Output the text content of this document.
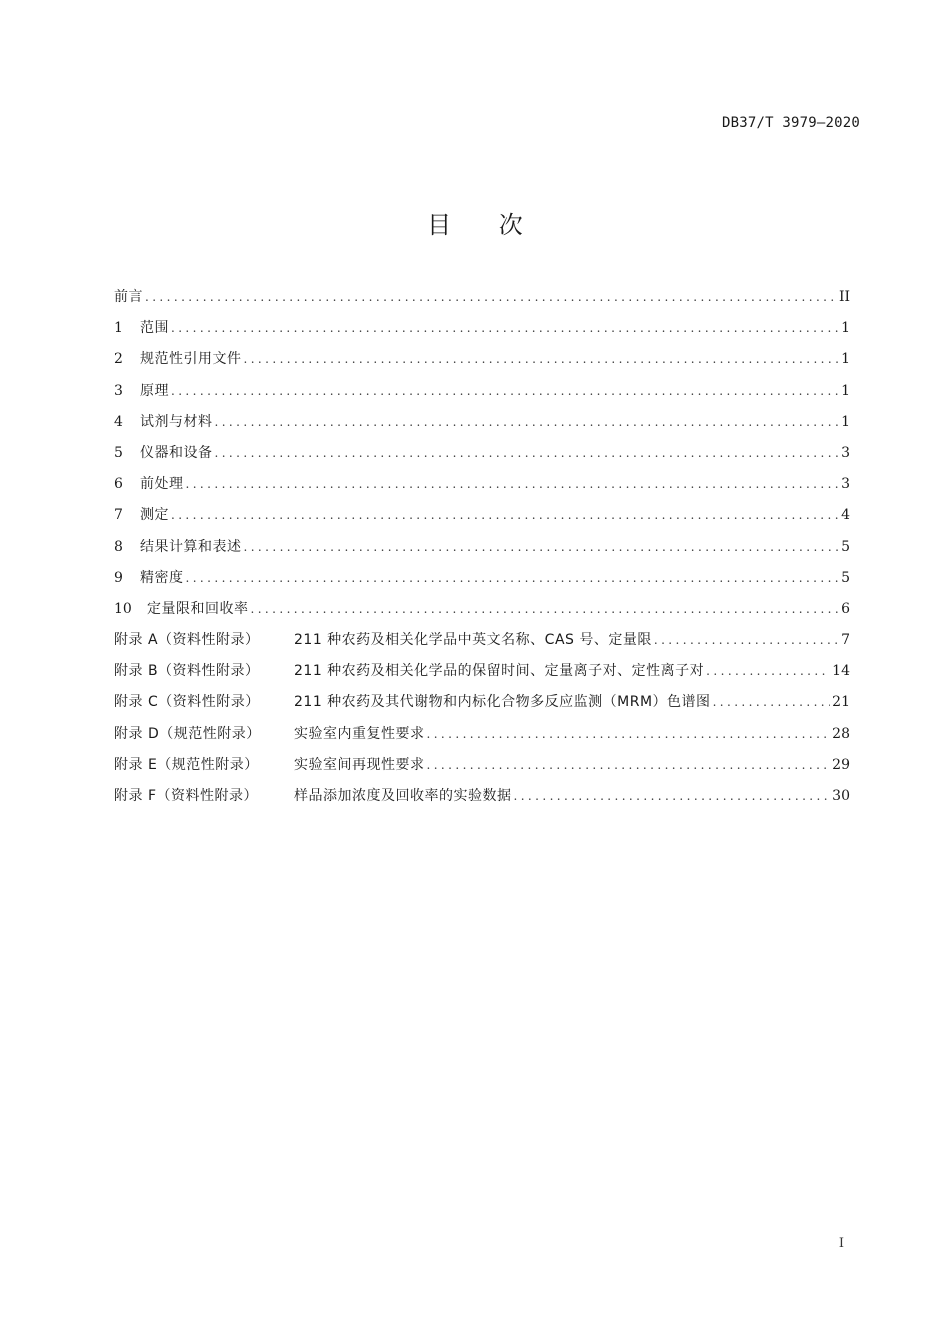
DB37/T 3979—2020
目 次
前言 .....	II
1	范围 .....	1
2	规范性引用文件 .....	1
3	原理 .....	1
4	试剂与材料 .....	1
5	仪器和设备 .....	3
6	前处理 .....	3
7	测定 .....	4
8	结果计算和表述 .....	5
9	精密度 .....	5
10	定量限和回收率 .....	6
附录 A（资料性附录）	211 种农药及相关化学品中英文名称、CAS 号、定量限 .....	7
附录 B（资料性附录）	211 种农药及相关化学品的保留时间、定量离子对、定性离子对 .....	14
附录 C（资料性附录）	211 种农药及其代谢物和内标化合物多反应监测（MRM）色谱图 .....	21
附录 D（规范性附录）	实验室内重复性要求 .....	28
附录 E（规范性附录）	实验室间再现性要求 .....	29
附录 F（资料性附录）	样品添加浓度及回收率的实验数据 .....	30
I
